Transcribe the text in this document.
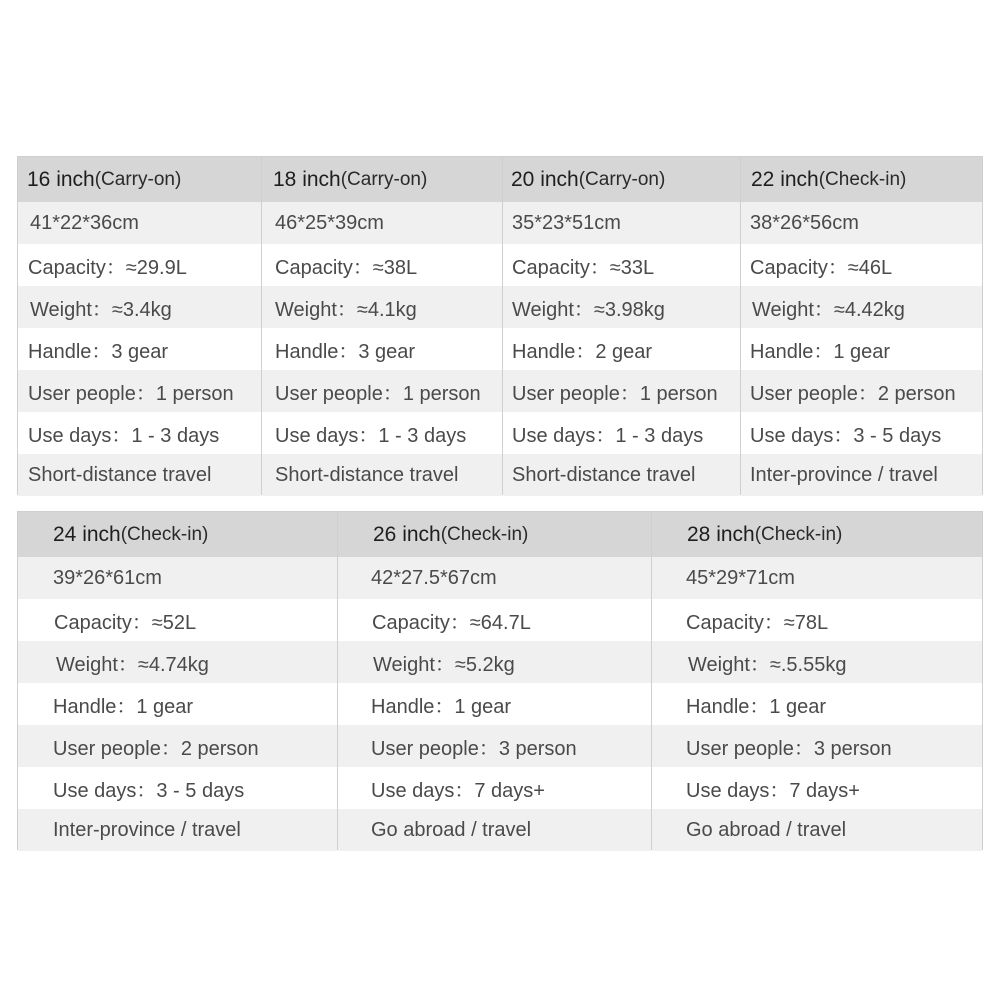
16 inch (Carry-on)
41*22*36cm
Capacity：≈29.9L
Weight：≈3.4kg
Handle：3 gear
User people：1 person
Use days：1 - 3 days
Short-distance travel
18 inch (Carry-on)
46*25*39cm
Capacity：≈38L
Weight：≈4.1kg
Handle：3 gear
User people：1 person
Use days：1 - 3 days
Short-distance travel
20 inch (Carry-on)
35*23*51cm
Capacity：≈33L
Weight：≈3.98kg
Handle：2 gear
User people：1 person
Use days：1 - 3 days
Short-distance travel
22 inch (Check-in)
38*26*56cm
Capacity：≈46L
Weight：≈4.42kg
Handle：1 gear
User people：2 person
Use days：3 - 5 days
Inter-province / travel
24 inch (Check-in)
39*26*61cm
Capacity：≈52L
Weight：≈4.74kg
Handle：1 gear
User people：2 person
Use days：3 - 5 days
Inter-province / travel
26 inch (Check-in)
42*27.5*67cm
Capacity：≈64.7L
Weight：≈5.2kg
Handle：1 gear
User people：3 person
Use days：7 days+
Go abroad / travel
28 inch (Check-in)
45*29*71cm
Capacity：≈78L
Weight：≈.5.55kg
Handle：1 gear
User people：3 person
Use days：7 days+
Go abroad / travel
